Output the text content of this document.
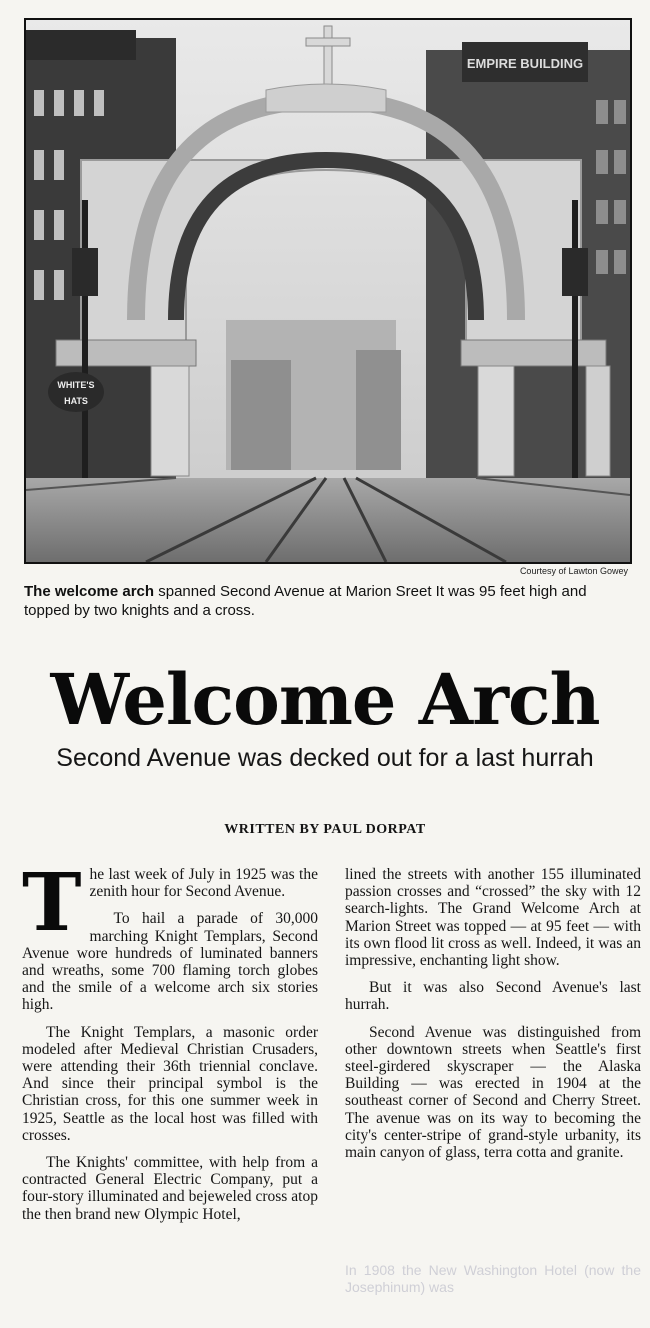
EMPIRE BUILDING
WHITE'S
HATS
Courtesy of Lawton Gowey
The welcome arch spanned Second Avenue at Marion Sreet It was 95 feet high and topped by two knights and a cross.
Welcome Arch
Second Avenue was decked out for a last hurrah
WRITTEN BY PAUL DORPAT

The last week of July in 1925 was the zenith hour for Second Avenue.

To hail a parade of 30,000 marching Knight Templars, Second Avenue wore hundreds of luminated banners and wreaths, some 700 flaming torch globes and the smile of a welcome arch six stories high.

The Knight Templars, a masonic order modeled after Medieval Christian Crusaders, were attending their 36th triennial conclave. And since their principal symbol is the Christian cross, for this one summer week in 1925, Seattle as the local host was filled with crosses.

The Knights' committee, with help from a contracted General Electric Company, put a four-story illuminated and bejeweled cross atop the then brand new Olympic Hotel,

lined the streets with another 155 illuminated passion crosses and “crossed” the sky with 12 search-lights. The Grand Welcome Arch at Marion Street was topped — at 95 feet — with its own flood lit cross as well. Indeed, it was an impressive, enchanting light show.

But it was also Second Avenue's last hurrah.

Second Avenue was distinguished from other downtown streets when Seattle's first steel-girdered skyscraper — the Alaska Building — was erected in 1904 at the southeast corner of Second and Cherry Street. The avenue was on its way to becoming the city's center-stripe of grand-style urbanity, its main canyon of glass, terra cotta and granite.

In 1908 the New Washington Hotel (now the Josephinum) was
